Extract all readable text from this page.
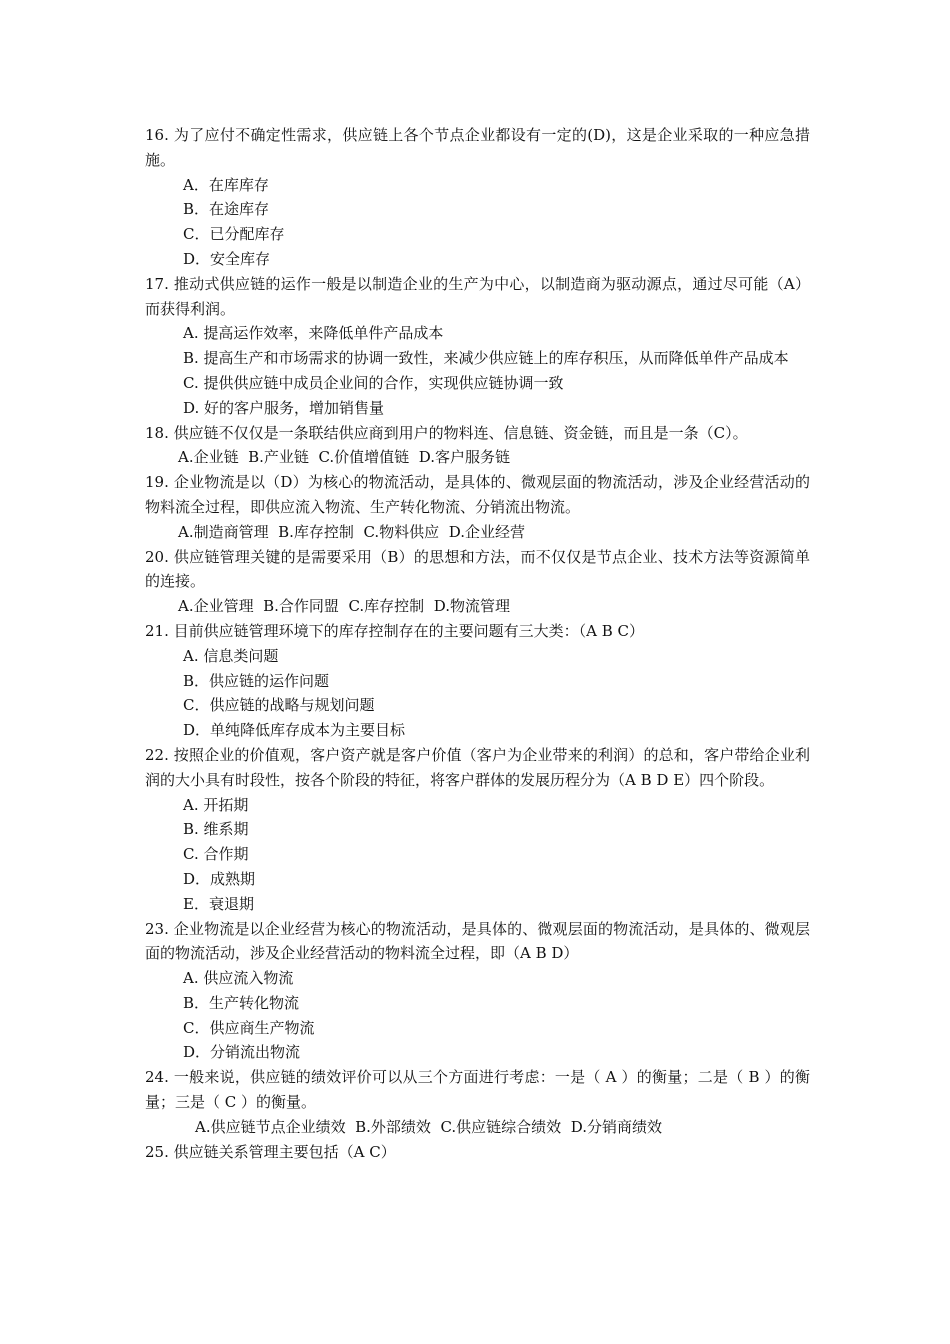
16. 为了应付不确定性需求，供应链上各个节点企业都设有一定的(D)，这是企业采取的一种应急措施。

A．在库库存

B．在途库存

C．已分配库存

D．安全库存

17. 推动式供应链的运作一般是以制造企业的生产为中心，以制造商为驱动源点，通过尽可能（A）而获得利润。

A. 提高运作效率，来降低单件产品成本

B. 提高生产和市场需求的协调一致性，来减少供应链上的库存积压，从而降低单件产品成本

C. 提供供应链中成员企业间的合作，实现供应链协调一致

D. 好的客户服务，增加销售量

18. 供应链不仅仅是一条联结供应商到用户的物料连、信息链、资金链，而且是一条（C）。

A.企业链  B.产业链  C.价值增值链  D.客户服务链

19. 企业物流是以（D）为核心的物流活动，是具体的、微观层面的物流活动，涉及企业经营活动的物料流全过程，即供应流入物流、生产转化物流、分销流出物流。

A.制造商管理  B.库存控制  C.物料供应  D.企业经营

20. 供应链管理关键的是需要采用（B）的思想和方法，而不仅仅是节点企业、技术方法等资源简单的连接。

A.企业管理  B.合作同盟  C.库存控制  D.物流管理

21. 目前供应链管理环境下的库存控制存在的主要问题有三大类：（A B C）

A. 信息类问题

B．供应链的运作问题

C．供应链的战略与规划问题

D．单纯降低库存成本为主要目标

22. 按照企业的价值观，客户资产就是客户价值（客户为企业带来的利润）的总和，客户带给企业利润的大小具有时段性，按各个阶段的特征，将客户群体的发展历程分为（A B D E）四个阶段。

A. 开拓期

B. 维系期

C. 合作期

D．成熟期

E．衰退期

23. 企业物流是以企业经营为核心的物流活动，是具体的、微观层面的物流活动，是具体的、微观层面的物流活动，涉及企业经营活动的物料流全过程，即（A B D）

A. 供应流入物流

B．生产转化物流

C．供应商生产物流

D．分销流出物流

24. 一般来说，供应链的绩效评价可以从三个方面进行考虑：一是（ A ）的衡量；二是（ B ）的衡量；三是（ C ）的衡量。

A.供应链节点企业绩效  B.外部绩效  C.供应链综合绩效  D.分销商绩效

25. 供应链关系管理主要包括（A C）
